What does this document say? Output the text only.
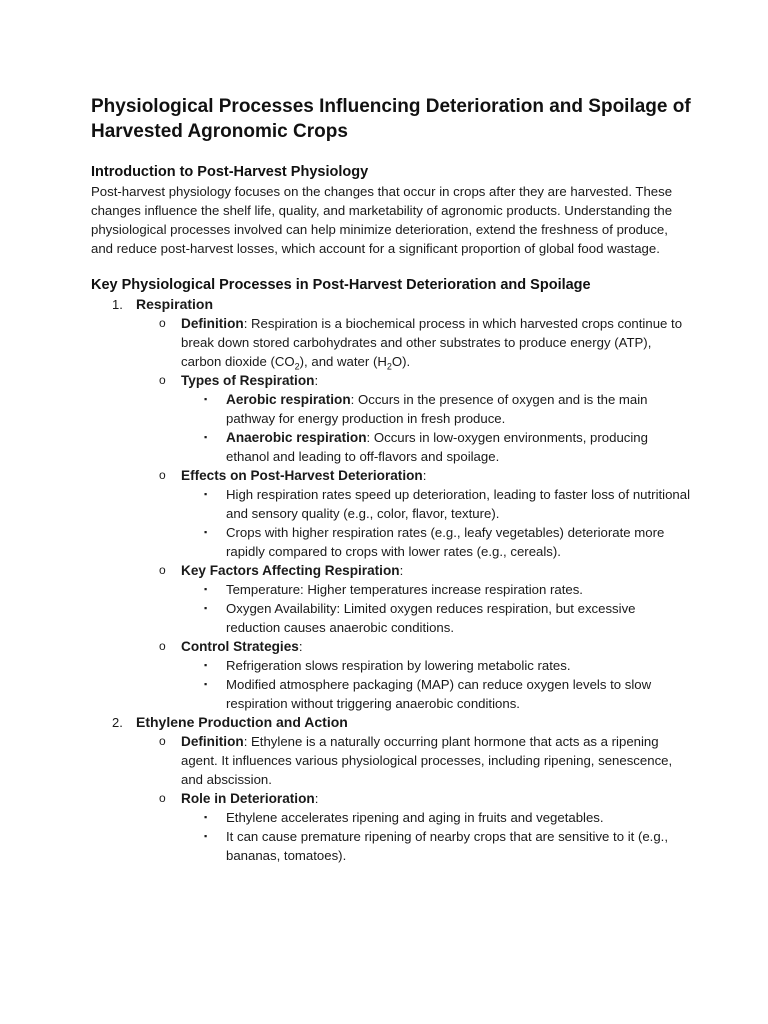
Physiological Processes Influencing Deterioration and Spoilage of Harvested Agronomic Crops
Introduction to Post-Harvest Physiology

Post-harvest physiology focuses on the changes that occur in crops after they are harvested. These changes influence the shelf life, quality, and marketability of agronomic products. Understanding the physiological processes involved can help minimize deterioration, extend the freshness of produce, and reduce post-harvest losses, which account for a significant proportion of global food wastage.

Key Physiological Processes in Post-Harvest Deterioration and Spoilage
1. Respiration
o Definition: Respiration is a biochemical process in which harvested crops continue to break down stored carbohydrates and other substrates to produce energy (ATP), carbon dioxide $(CO_2)$, and water $(H_2O)$.
o Types of Respiration:
▪ Aerobic respiration: Occurs in the presence of oxygen and is the main pathway for energy production in fresh produce.
▪ Anaerobic respiration: Occurs in low-oxygen environments, producing ethanol and leading to off-flavors and spoilage.
o Effects on Post-Harvest Deterioration:
▪ High respiration rates speed up deterioration, leading to faster loss of nutritional and sensory quality (e.g., color, flavor, texture).
▪ Crops with higher respiration rates (e.g., leafy vegetables) deteriorate more rapidly compared to crops with lower rates (e.g., cereals).
o Key Factors Affecting Respiration:
▪ Temperature: Higher temperatures increase respiration rates.
▪ Oxygen Availability: Limited oxygen reduces respiration, but excessive reduction causes anaerobic conditions.
o Control Strategies:
▪ Refrigeration slows respiration by lowering metabolic rates.
▪ Modified atmosphere packaging (MAP) can reduce oxygen levels to slow respiration without triggering anaerobic conditions.
2. Ethylene Production and Action
o Definition: Ethylene is a naturally occurring plant hormone that acts as a ripening agent. It influences various physiological processes, including ripening, senescence, and abscission.
o Role in Deterioration:
▪ Ethylene accelerates ripening and aging in fruits and vegetables.
▪ It can cause premature ripening of nearby crops that are sensitive to it (e.g., bananas, tomatoes).
